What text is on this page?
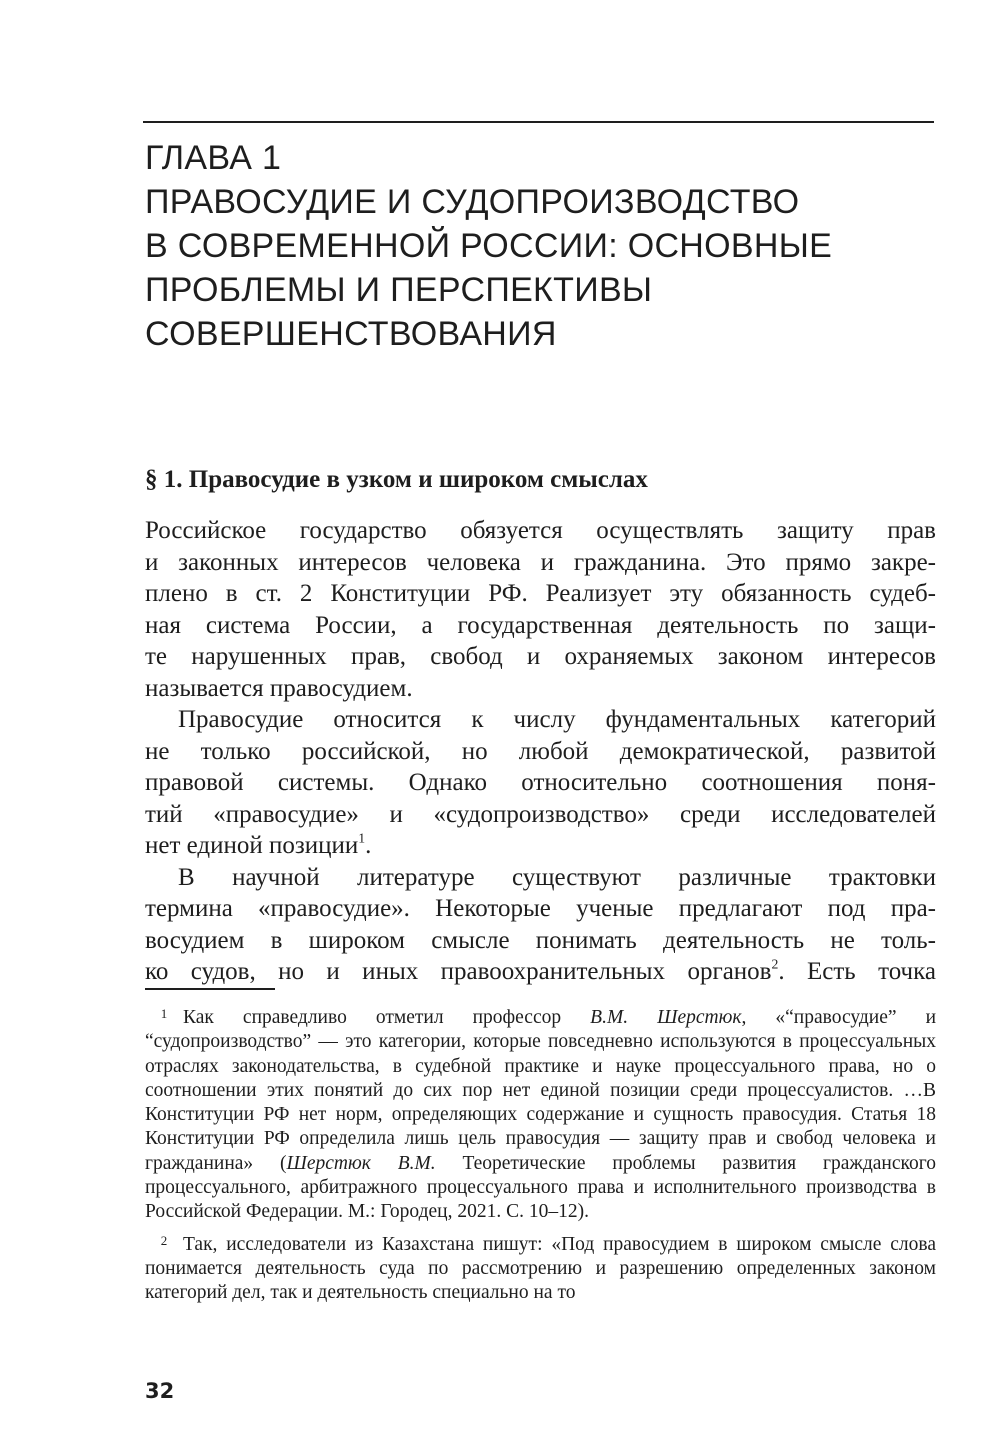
ГЛАВА 1
ПРАВОСУДИЕ И СУДОПРОИЗВОДСТВО
В СОВРЕМЕННОЙ РОССИИ: ОСНОВНЫЕ
ПРОБЛЕМЫ И ПЕРСПЕКТИВЫ
СОВЕРШЕНСТВОВАНИЯ
§ 1. Правосудие в узком и широком смыслах

Российское государство обязуется осуществлять защиту прав
и законных интересов человека и гражданина. Это прямо закре-
плено в ст. 2 Конституции РФ. Реализует эту обязанность судеб-
ная система России, а государственная деятельность по защи-
те нарушенных прав, свобод и охраняемых законом интересов
называется правосудием.

Правосудие относится к числу фундаментальных категорий
не только российской, но любой демократической, развитой
правовой системы. Однако относительно соотношения поня-
тий «правосудие» и «судопроизводство» среди исследователей
нет единой позиции$^1$.

В научной литературе существуют различные трактовки
термина «правосудие». Некоторые ученые предлагают под пра-
восудием в широком смысле понимать деятельность не толь-
ко судов, но и иных правоохранительных органов$^2$. Есть точка

1 Как справедливо отметил профессор В.М. Шерстюк, «“правосудие” и “судопроизводство” — это категории, которые повседневно используются в процессуальных отраслях законодательства, в судебной практике и науке процессуального права, но о соотношении этих понятий до сих пор нет единой позиции среди процессуалистов. …В Конституции РФ нет норм, определяющих содержание и сущность правосудия. Статья 18 Конституции РФ определила лишь цель правосудия — защиту прав и свобод человека и гражданина» (Шерстюк В.М. Теоретические проблемы развития гражданского процессуального, арбитражного процессуального права и исполнительного производства в Российской Федерации. М.: Городец, 2021. С. 10–12).

2 Так, исследователи из Казахстана пишут: «Под правосудием в широком смысле слова понимается деятельность суда по рассмотрению и разрешению определенных законом категорий дел, так и деятельность специально на то

32
